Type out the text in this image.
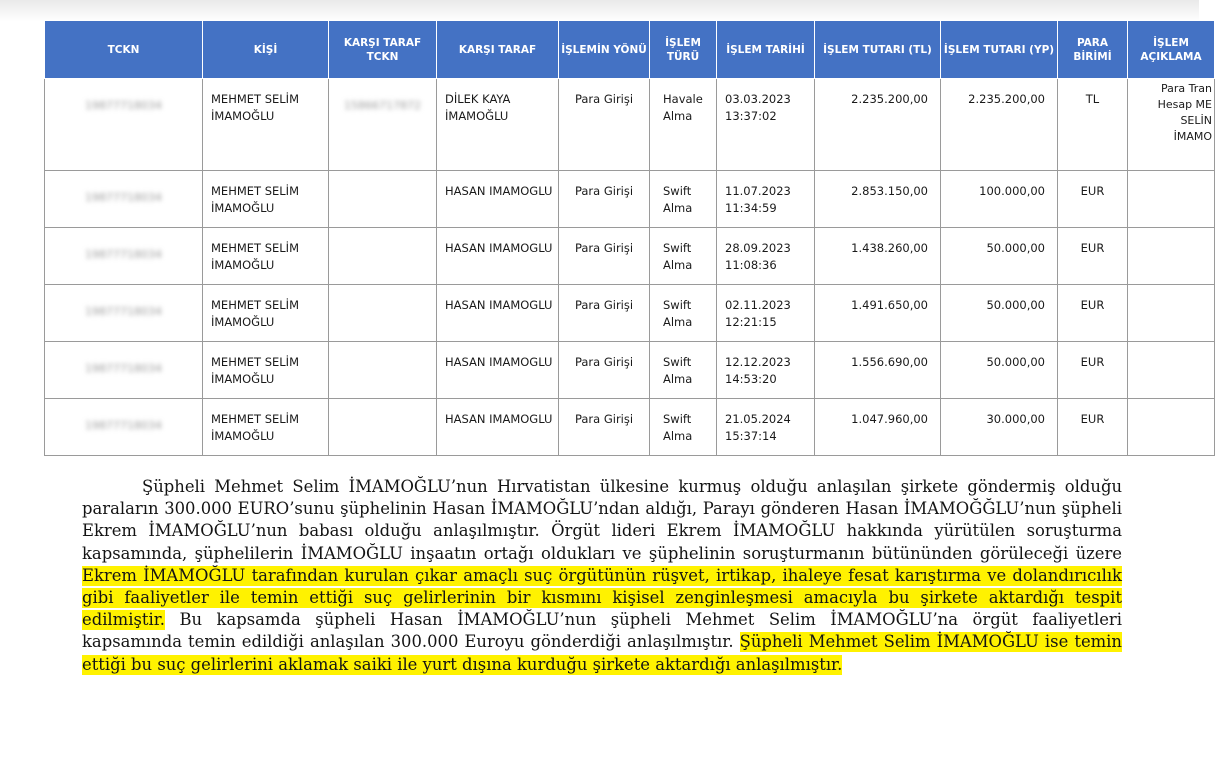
TCKN	KİŞİ	KARŞI TARAF TCKN	KARŞI TARAF	İŞLEMİN YÖNÜ	İŞLEM TÜRÜ	İŞLEM TARİHİ	İŞLEM TUTARI (TL)	İŞLEM TUTARI (YP)	PARA BİRİMİ	İŞLEM AÇIKLAMA
19877718034	MEHMET SELİM İMAMOĞLU	15866717872	DİLEK KAYA İMAMOĞLU	Para Girişi	Havale Alma	03.03.2023 13:37:02	2.235.200,00	2.235.200,00	TL	Para Tran
Hesap ME
SELİN
İMAMO
19877718034	MEHMET SELİM İMAMOĞLU		HASAN IMAMOGLU	Para Girişi	Swift Alma	11.07.2023 11:34:59	2.853.150,00	100.000,00	EUR	
19877718034	MEHMET SELİM İMAMOĞLU		HASAN IMAMOGLU	Para Girişi	Swift Alma	28.09.2023 11:08:36	1.438.260,00	50.000,00	EUR	
19877718034	MEHMET SELİM İMAMOĞLU		HASAN IMAMOGLU	Para Girişi	Swift Alma	02.11.2023 12:21:15	1.491.650,00	50.000,00	EUR	
19877718034	MEHMET SELİM İMAMOĞLU		HASAN IMAMOGLU	Para Girişi	Swift Alma	12.12.2023 14:53:20	1.556.690,00	50.000,00	EUR	
19877718034	MEHMET SELİM İMAMOĞLU		HASAN IMAMOGLU	Para Girişi	Swift Alma	21.05.2024 15:37:14	1.047.960,00	30.000,00	EUR	

Şüpheli Mehmet Selim İMAMOĞLU’nun Hırvatistan ülkesine kurmuş olduğu anlaşılan şirkete göndermiş olduğu paraların 300.000 EURO’sunu şüphelinin Hasan İMAMOĞLU’ndan aldığı, Parayı gönderen Hasan İMAMOĞĞLU’nun şüpheli Ekrem İMAMOĞLU’nun babası olduğu anlaşılmıştır. Örgüt lideri Ekrem İMAMOĞLU hakkında yürütülen soruşturma kapsamında, şüphelilerin İMAMOĞLU inşaatın ortağı oldukları ve şüphelinin soruşturmanın bütününden görüleceği üzere Ekrem İMAMOĞLU tarafından kurulan çıkar amaçlı suç örgütünün rüşvet, irtikap, ihaleye fesat karıştırma ve dolandırıcılık gibi faaliyetler ile temin ettiği suç gelirlerinin bir kısmını kişisel zenginleşmesi amacıyla bu şirkete aktardığı tespit edilmiştir. Bu kapsamda şüpheli Hasan İMAMOĞLU’nun şüpheli Mehmet Selim İMAMOĞLU’na örgüt faaliyetleri kapsamında temin edildiği anlaşılan 300.000 Euroyu gönderdiği anlaşılmıştır. Şüpheli Mehmet Selim İMAMOĞLU ise temin ettiği bu suç gelirlerini aklamak saiki ile yurt dışına kurduğu şirkete aktardığı anlaşılmıştır.
